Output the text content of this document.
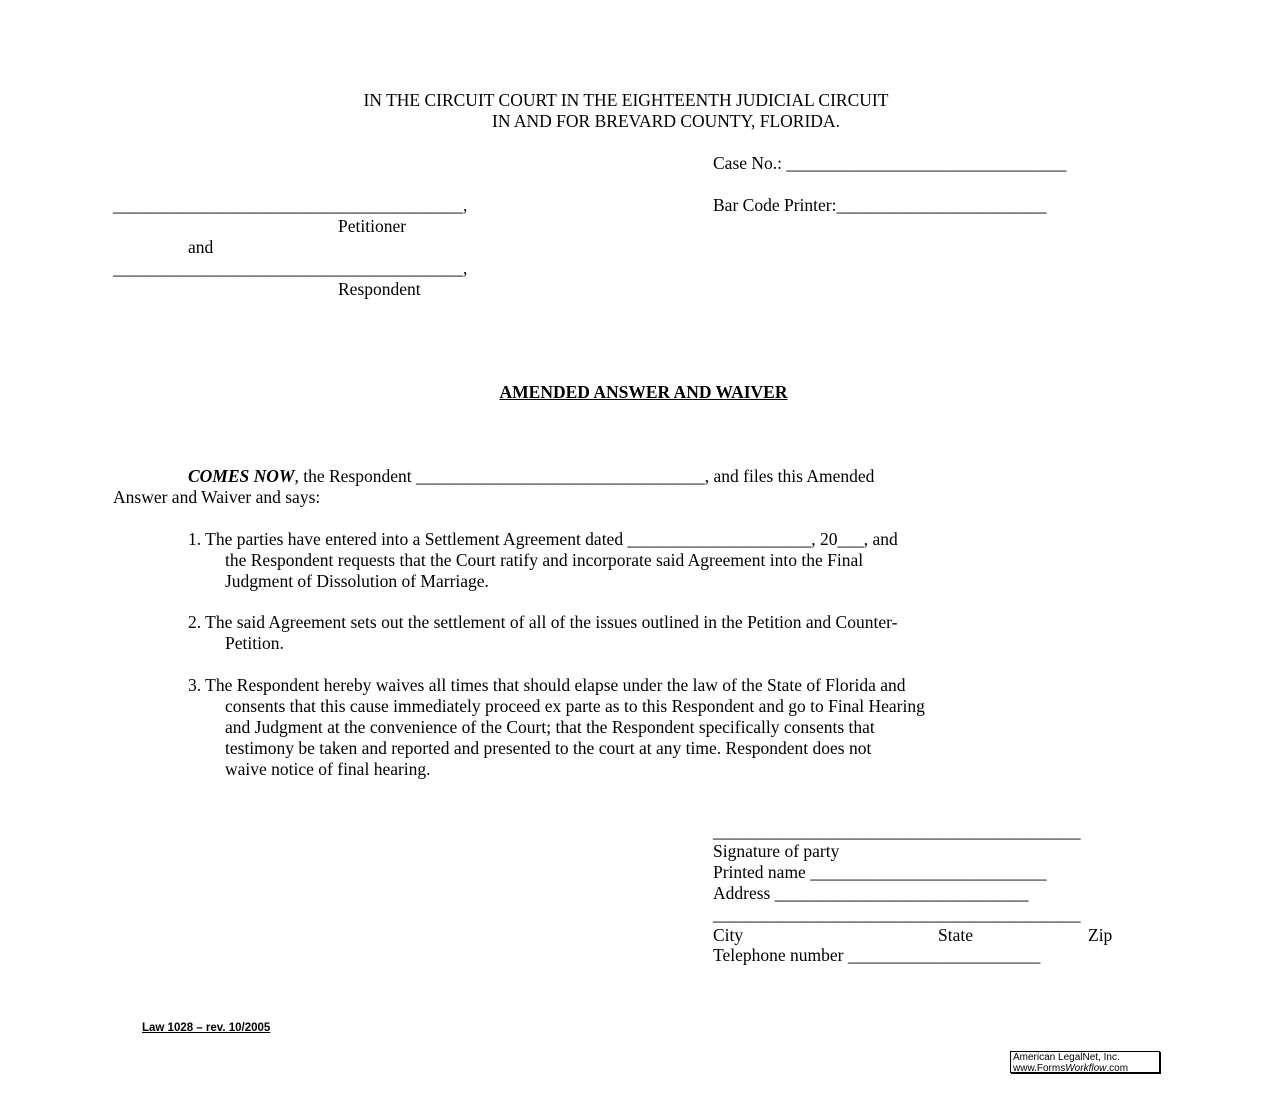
IN THE CIRCUIT COURT IN THE EIGHTEENTH JUDICIAL CIRCUIT
IN AND FOR BREVARD COUNTY, FLORIDA.
Case No.: ________________________________
Bar Code Printer:________________________
________________________________________,
Petitioner
and
________________________________________,
Respondent
AMENDED ANSWER AND WAIVER
COMES NOW, the Respondent _________________________________, and files this Amended
Answer and Waiver and says:
1. The parties have entered into a Settlement Agreement dated _____________________, 20___, and
the Respondent requests that the Court ratify and incorporate said Agreement into the Final
Judgment of Dissolution of Marriage.
2. The said Agreement sets out the settlement of all of the issues outlined in the Petition and Counter-
Petition.
3. The Respondent hereby waives all times that should elapse under the law of the State of Florida and
consents that this cause immediately proceed ex parte as to this Respondent and go to Final Hearing
and Judgment at the convenience of the Court; that the Respondent specifically consents that
testimony be taken and reported and presented to the court at any time. Respondent does not
waive notice of final hearing.
__________________________________________
Signature of party
Printed name ___________________________
Address _____________________________
__________________________________________
City	State	Zip
Telephone number ______________________
Law 1028 – rev. 10/2005
American LegalNet, Inc.
www.FormsWorkflow.com
